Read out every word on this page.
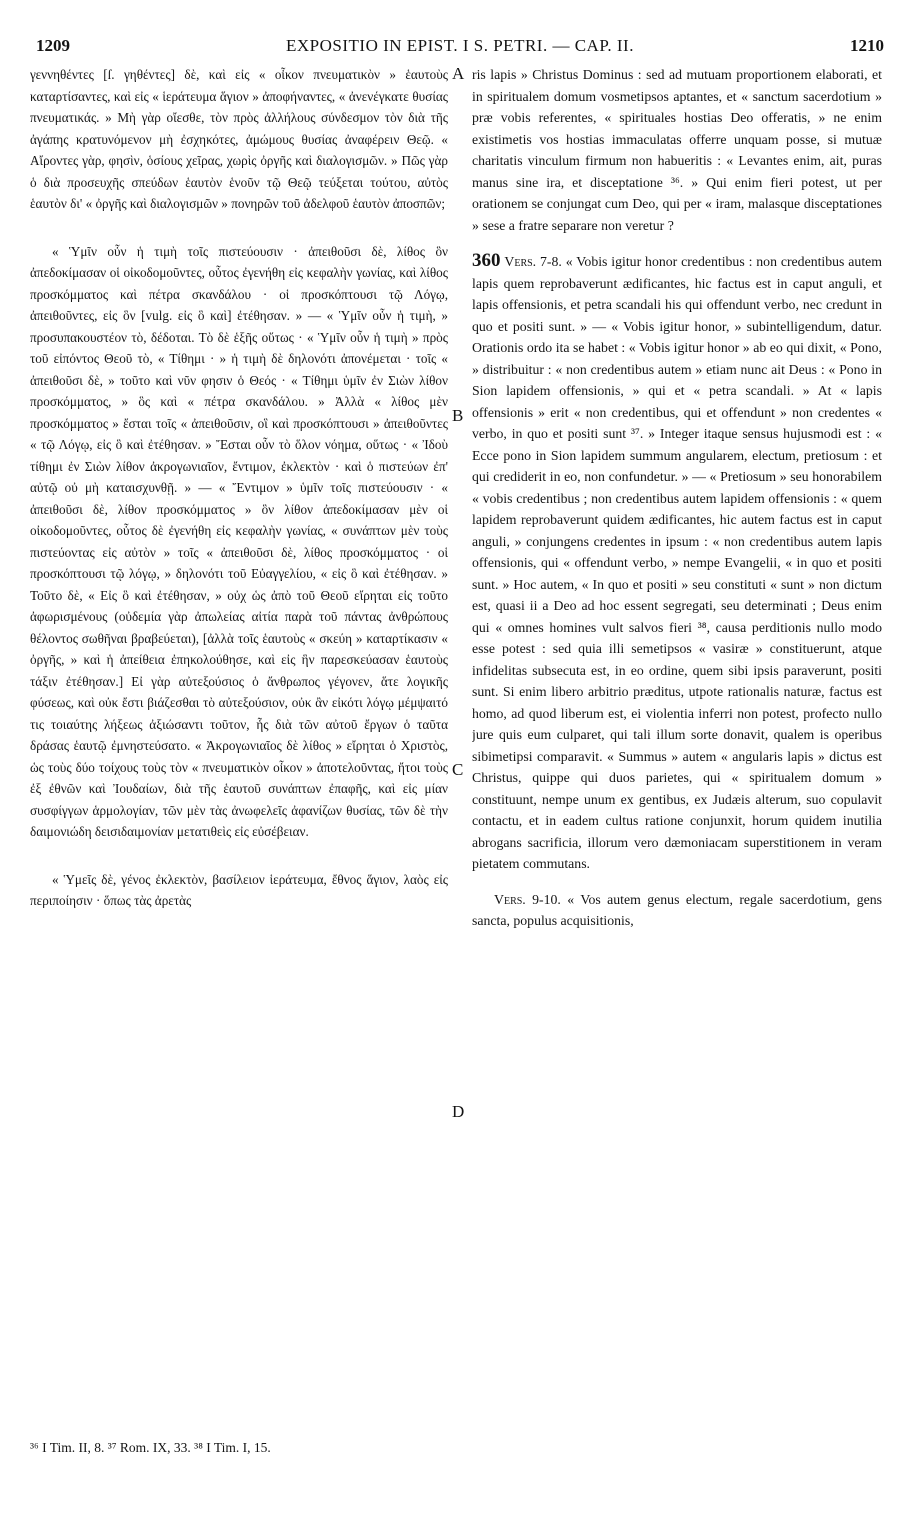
1209	EXPOSITIO IN EPIST. I S. PETRI. — CAP. II.	1210

γεννηθέντες [ſ. γηθέντες] δὲ, καὶ εἰς « οἶκον πνευματικὸν » ἑαυτοὺς καταρτίσαντες, καὶ εἰς « ἱεράτευμα ἅγιον » ἀποφήναντες, « ἀνενέγκατε θυσίας πνευματικάς. » Μὴ γὰρ οἴεσθε, τὸν πρὸς ἀλλήλους σύνδεσμον τὸν διὰ τῆς ἀγάπης κρατυνόμενον μὴ ἐσχηκότες, ἀμώμους θυσίας ἀναφέρειν Θεῷ. « Αἴροντες γὰρ, φησὶν, ὁσίους χεῖρας, χωρὶς ὀργῆς καὶ διαλογισμῶν. » Πῶς γὰρ ὁ διὰ προσευχῆς σπεύδων ἑαυτὸν ἑνοῦν τῷ Θεῷ τεύξεται τούτου, αὐτὸς ἑαυτὸν δι' « ὀργῆς καὶ διαλογισμῶν » πονηρῶν τοῦ ἀδελφοῦ ἑαυτὸν ἀποσπῶν;

« Ὑμῖν οὖν ἡ τιμὴ τοῖς πιστεύουσιν · ἀπειθοῦσι δὲ, λίθος ὃν ἀπεδοκίμασαν οἱ οἰκοδομοῦντες, οὗτος ἐγενήθη εἰς κεφαλὴν γωνίας, καὶ λίθος προσκόμματος καὶ πέτρα σκανδάλου · οἱ προσκόπτουσι τῷ Λόγῳ, ἀπειθοῦντες, εἰς ὃν [vulg. εἰς ὃ καὶ] ἐτέθησαν. » — « Ὑμῖν οὖν ἡ τιμὴ, » προσυπακουστέον τὸ, δέδοται. Τὸ δὲ ἑξῆς οὕτως · « Ὑμῖν οὖν ἡ τιμὴ » πρὸς τοῦ εἰπόντος Θεοῦ τὸ, « Τίθημι · » ἡ τιμὴ δὲ δηλονότι ἀπονέμεται · τοῖς « ἀπειθοῦσι δὲ, » τοῦτο καὶ νῦν φησιν ὁ Θεός · « Τίθημι ὑμῖν ἐν Σιὼν λίθον προσκόμματος, » ὃς καὶ « πέτρα σκανδάλου. » Ἀλλὰ « λίθος μὲν προσκόμματος » ἔσται τοῖς « ἀπειθοῦσιν, οἳ καὶ προσκόπτουσι » ἀπειθοῦντες « τῷ Λόγῳ, εἰς ὃ καὶ ἐτέθησαν. » Ἔσται οὖν τὸ ὅλον νόημα, οὕτως · « Ἰδοὺ τίθημι ἐν Σιὼν λίθον ἀκρογωνιαῖον, ἔντιμον, ἐκλεκτὸν · καὶ ὁ πιστεύων ἐπ' αὐτῷ οὐ μὴ καταισχυνθῇ. » — « Ἔντιμον » ὑμῖν τοῖς πιστεύουσιν · « ἀπειθοῦσι δὲ, λίθον προσκόμματος » ὃν λίθον ἀπεδοκίμασαν μὲν οἱ οἰκοδομοῦντες, οὗτος δὲ ἐγενήθη εἰς κεφαλὴν γωνίας, « συνάπτων μὲν τοὺς πιστεύοντας εἰς αὐτὸν » τοῖς « ἀπειθοῦσι δὲ, λίθος προσκόμματος · οἱ προσκόπτουσι τῷ λόγῳ, » δηλονότι τοῦ Εὐαγγελίου, « εἰς ὃ καὶ ἐτέθησαν. » Τοῦτο δὲ, « Εἰς ὃ καὶ ἐτέθησαν, » οὐχ ὡς ἀπὸ τοῦ Θεοῦ εἴρηται εἰς τοῦτο ἀφωρισμένους (οὐδεμία γὰρ ἀπωλείας αἰτία παρὰ τοῦ πάντας ἀνθρώπους θέλοντος σωθῆναι βραβεύεται), [ἀλλὰ τοῖς ἑαυτοὺς « σκεύη » καταρτίκασιν « ὀργῆς, » καὶ ἡ ἀπείθεια ἐπηκολούθησε, καὶ εἰς ἣν παρεσκεύασαν ἑαυτοὺς τάξιν ἐτέθησαν.] Εἰ γὰρ αὐτεξούσιος ὁ ἄνθρωπος γέγονεν, ἅτε λογικῆς φύσεως, καὶ οὐκ ἔστι βιάζεσθαι τὸ αὐτεξούσιον, οὐκ ἂν εἰκότι λόγῳ μέμψαιτό τις τοιαύτης λήξεως ἀξιώσαντι τοῦτον, ἧς διὰ τῶν αὐτοῦ ἔργων ὁ ταῦτα δράσας ἑαυτῷ ἐμνηστεύσατο. « Ἀκρογωνιαῖος δὲ λίθος » εἴρηται ὁ Χριστὸς, ὡς τοὺς δύο τοίχους τοὺς τὸν « πνευματικὸν οἶκον » ἀποτελοῦντας, ἤτοι τοὺς ἐξ ἐθνῶν καὶ Ἰουδαίων, διὰ τῆς ἑαυτοῦ συνάπτων ἐπαφῆς, καὶ εἰς μίαν συσφίγγων ἁρμολογίαν, τῶν μὲν τὰς ἀνωφελεῖς ἀφανίζων θυσίας, τῶν δὲ τὴν δαιμονιώδη δεισιδαιμονίαν μετατιθεὶς εἰς εὐσέβειαν.

« Ὑμεῖς δὲ, γένος ἐκλεκτὸν, βασίλειον ἱεράτευμα, ἔθνος ἅγιον, λαὸς εἰς περιποίησιν · ὅπως τὰς ἀρετὰς

A
B
C
D

ris lapis » Christus Dominus : sed ad mutuam proportionem elaborati, et in spiritualem domum vosmetipsos aptantes, et « sanctum sacerdotium » præ vobis referentes, « spirituales hostias Deo offeratis, » ne enim existimetis vos hostias immaculatas offerre unquam posse, si mutuæ charitatis vinculum firmum non habueritis : « Levantes enim, ait, puras manus sine ira, et disceptatione ³⁶. » Qui enim fieri potest, ut per orationem se conjungat cum Deo, qui per « iram, malasque disceptationes » sese a fratre separare non veretur ?

360 Vers. 7-8. « Vobis igitur honor credentibus : non credentibus autem lapis quem reprobaverunt ædificantes, hic factus est in caput anguli, et lapis offensionis, et petra scandali his qui offendunt verbo, nec credunt in quo et positi sunt. » — « Vobis igitur honor, » subintelligendum, datur. Orationis ordo ita se habet : « Vobis igitur honor » ab eo qui dixit, « Pono, » distribuitur : « non credentibus autem » etiam nunc ait Deus : « Pono in Sion lapidem offensionis, » qui et « petra scandali. » At « lapis offensionis » erit « non credentibus, qui et offendunt » non credentes « verbo, in quo et positi sunt ³⁷. » Integer itaque sensus hujusmodi est : « Ecce pono in Sion lapidem summum angularem, electum, pretiosum : et qui crediderit in eo, non confundetur. » — « Pretiosum » seu honorabilem « vobis credentibus ; non credentibus autem lapidem offensionis : « quem lapidem reprobaverunt quidem ædificantes, hic autem factus est in caput anguli, » conjungens credentes in ipsum : « non credentibus autem lapis offensionis, qui « offendunt verbo, » nempe Evangelii, « in quo et positi sunt. » Hoc autem, « In quo et positi » seu constituti « sunt » non dictum est, quasi ii a Deo ad hoc essent segregati, seu determinati ; Deus enim qui « omnes homines vult salvos fieri ³⁸, causa perditionis nullo modo esse potest : sed quia illi semetipsos « vasiræ » constituerunt, atque infidelitas subsecuta est, in eo ordine, quem sibi ipsis paraverunt, positi sunt. Si enim libero arbitrio præditus, utpote rationalis naturæ, factus est homo, ad quod liberum est, ei violentia inferri non potest, profecto nullo jure quis eum culparet, qui tali illum sorte donavit, qualem is operibus sibimetipsi comparavit. « Summus » autem « angularis lapis » dictus est Christus, quippe qui duos parietes, qui « spiritualem domum » constituunt, nempe unum ex gentibus, ex Judæis alterum, suo copulavit contactu, et in eadem cultus ratione conjunxit, horum quidem inutilia abrogans sacrificia, illorum vero dæmoniacam superstitionem in veram pietatem commutans.

Vers. 9-10. « Vos autem genus electum, regale sacerdotium, gens sancta, populus acquisitionis,

³⁶ I Tim. II, 8. ³⁷ Rom. IX, 33. ³⁸ I Tim. I, 15.
